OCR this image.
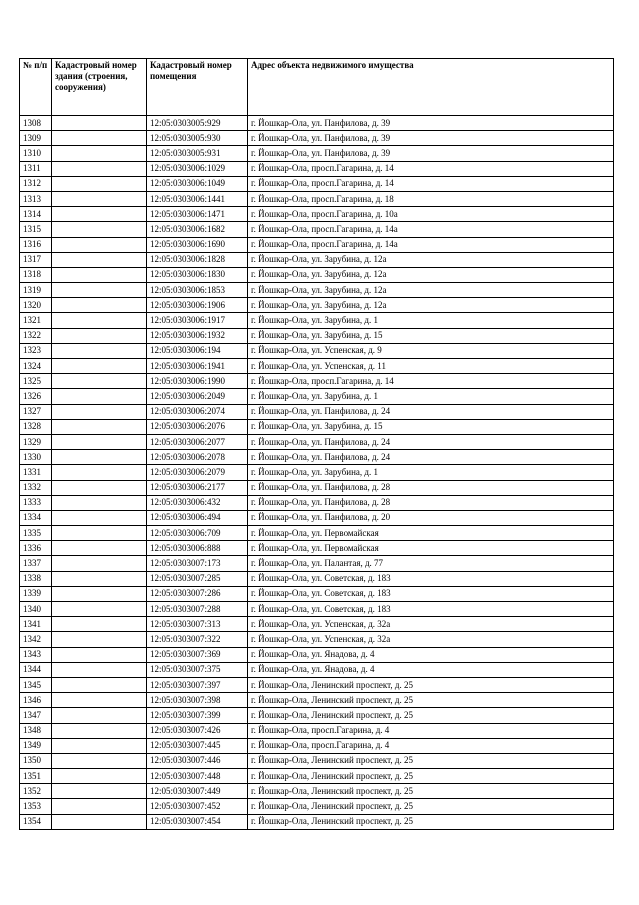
№ п/п	Кадастровый номер здания (строения, сооружения)	Кадастровый номер помещения	Адрес объекта недвижимого имущества
1308		12:05:0303005:929	г. Йошкар-Ола, ул. Панфилова, д. 39
1309		12:05:0303005:930	г. Йошкар-Ола, ул. Панфилова, д. 39
1310		12:05:0303005:931	г. Йошкар-Ола, ул. Панфилова, д. 39
1311		12:05:0303006:1029	г. Йошкар-Ола, просп.Гагарина, д. 14
1312		12:05:0303006:1049	г. Йошкар-Ола, просп.Гагарина, д. 14
1313		12:05:0303006:1441	г. Йошкар-Ола, просп.Гагарина, д. 18
1314		12:05:0303006:1471	г. Йошкар-Ола, просп.Гагарина, д. 10а
1315		12:05:0303006:1682	г. Йошкар-Ола, просп.Гагарина, д. 14а
1316		12:05:0303006:1690	г. Йошкар-Ола, просп.Гагарина, д. 14а
1317		12:05:0303006:1828	г. Йошкар-Ола, ул. Зарубина, д. 12а
1318		12:05:0303006:1830	г. Йошкар-Ола, ул. Зарубина, д. 12а
1319		12:05:0303006:1853	г. Йошкар-Ола, ул. Зарубина, д. 12а
1320		12:05:0303006:1906	г. Йошкар-Ола, ул. Зарубина, д. 12а
1321		12:05:0303006:1917	г. Йошкар-Ола, ул. Зарубина, д. 1
1322		12:05:0303006:1932	г. Йошкар-Ола, ул. Зарубина, д. 15
1323		12:05:0303006:194	г. Йошкар-Ола, ул. Успенская, д. 9
1324		12:05:0303006:1941	г. Йошкар-Ола, ул. Успенская, д. 11
1325		12:05:0303006:1990	г. Йошкар-Ола, просп.Гагарина, д. 14
1326		12:05:0303006:2049	г. Йошкар-Ола, ул. Зарубина, д. 1
1327		12:05:0303006:2074	г. Йошкар-Ола, ул. Панфилова, д. 24
1328		12:05:0303006:2076	г. Йошкар-Ола, ул. Зарубина, д. 15
1329		12:05:0303006:2077	г. Йошкар-Ола, ул. Панфилова, д. 24
1330		12:05:0303006:2078	г. Йошкар-Ола, ул. Панфилова, д. 24
1331		12:05:0303006:2079	г. Йошкар-Ола, ул. Зарубина, д. 1
1332		12:05:0303006:2177	г. Йошкар-Ола, ул. Панфилова, д. 28
1333		12:05:0303006:432	г. Йошкар-Ола, ул. Панфилова, д. 28
1334		12:05:0303006:494	г. Йошкар-Ола, ул. Панфилова, д. 20
1335		12:05:0303006:709	г. Йошкар-Ола, ул. Первомайская
1336		12:05:0303006:888	г. Йошкар-Ола, ул. Первомайская
1337		12:05:0303007:173	г. Йошкар-Ола, ул. Палантая, д. 77
1338		12:05:0303007:285	г. Йошкар-Ола, ул. Советская, д. 183
1339		12:05:0303007:286	г. Йошкар-Ола, ул. Советская, д. 183
1340		12:05:0303007:288	г. Йошкар-Ола, ул. Советская, д. 183
1341		12:05:0303007:313	г. Йошкар-Ола, ул. Успенская, д. 32а
1342		12:05:0303007:322	г. Йошкар-Ола, ул. Успенская, д. 32а
1343		12:05:0303007:369	г. Йошкар-Ола, ул. Янадова, д. 4
1344		12:05:0303007:375	г. Йошкар-Ола, ул. Янадова, д. 4
1345		12:05:0303007:397	г. Йошкар-Ола, Ленинский проспект, д. 25
1346		12:05:0303007:398	г. Йошкар-Ола, Ленинский проспект, д. 25
1347		12:05:0303007:399	г. Йошкар-Ола, Ленинский проспект, д. 25
1348		12:05:0303007:426	г. Йошкар-Ола, просп.Гагарина, д. 4
1349		12:05:0303007:445	г. Йошкар-Ола, просп.Гагарина, д. 4
1350		12:05:0303007:446	г. Йошкар-Ола, Ленинский проспект, д. 25
1351		12:05:0303007:448	г. Йошкар-Ола, Ленинский проспект, д. 25
1352		12:05:0303007:449	г. Йошкар-Ола, Ленинский проспект, д. 25
1353		12:05:0303007:452	г. Йошкар-Ола, Ленинский проспект, д. 25
1354		12:05:0303007:454	г. Йошкар-Ола, Ленинский проспект, д. 25
